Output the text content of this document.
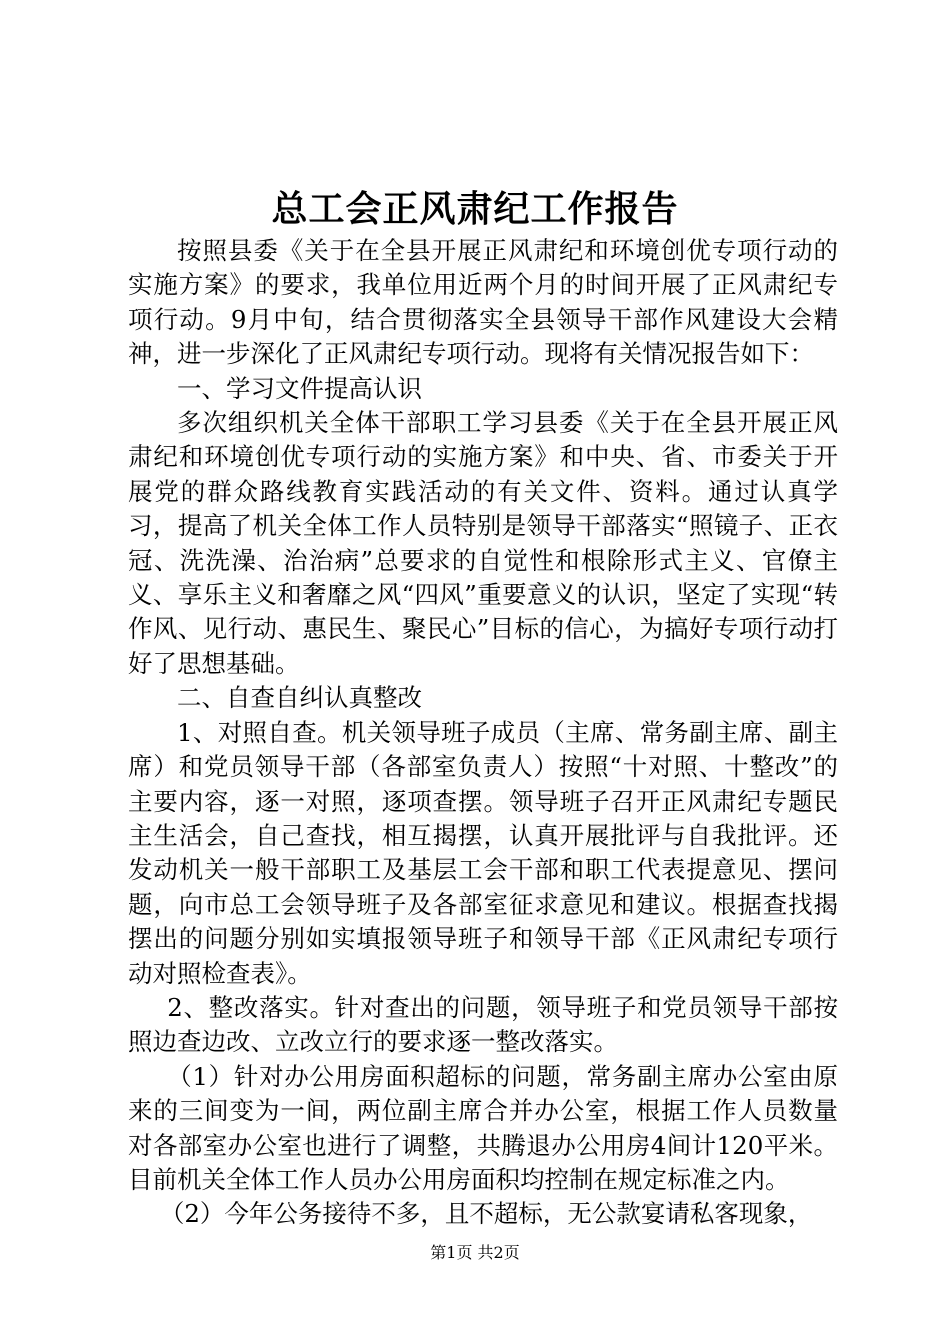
总工会正风肃纪工作报告

按照县委《关于在全县开展正风肃纪和环境创优专项行动的实施方案》的要求，我单位用近两个月的时间开展了正风肃纪专项行动。9月中旬，结合贯彻落实全县领导干部作风建设大会精神，进一步深化了正风肃纪专项行动。现将有关情况报告如下：

一、学习文件提高认识

多次组织机关全体干部职工学习县委《关于在全县开展正风肃纪和环境创优专项行动的实施方案》和中央、省、市委关于开展党的群众路线教育实践活动的有关文件、资料。通过认真学习，提高了机关全体工作人员特别是领导干部落实“照镜子、正衣冠、洗洗澡、治治病”总要求的自觉性和根除形式主义、官僚主义、享乐主义和奢靡之风“四风”重要意义的认识，坚定了实现“转作风、见行动、惠民生、聚民心”目标的信心，为搞好专项行动打好了思想基础。

二、自查自纠认真整改

1、对照自查。机关领导班子成员（主席、常务副主席、副主席）和党员领导干部（各部室负责人）按照“十对照、十整改”的主要内容，逐一对照，逐项查摆。领导班子召开正风肃纪专题民主生活会，自己查找，相互揭摆，认真开展批评与自我批评。还发动机关一般干部职工及基层工会干部和职工代表提意见、摆问题，向市总工会领导班子及各部室征求意见和建议。根据查找揭摆出的问题分别如实填报领导班子和领导干部《正风肃纪专项行动对照检查表》。

2、整改落实。针对查出的问题，领导班子和党员领导干部按照边查边改、立改立行的要求逐一整改落实。

（1）针对办公用房面积超标的问题，常务副主席办公室由原来的三间变为一间，两位副主席合并办公室，根据工作人员数量对各部室办公室也进行了调整，共腾退办公用房4间计120平米。目前机关全体工作人员办公用房面积均控制在规定标准之内。

（2）今年公务接待不多，且不超标，无公款宴请私客现象，

第1页 共2页
